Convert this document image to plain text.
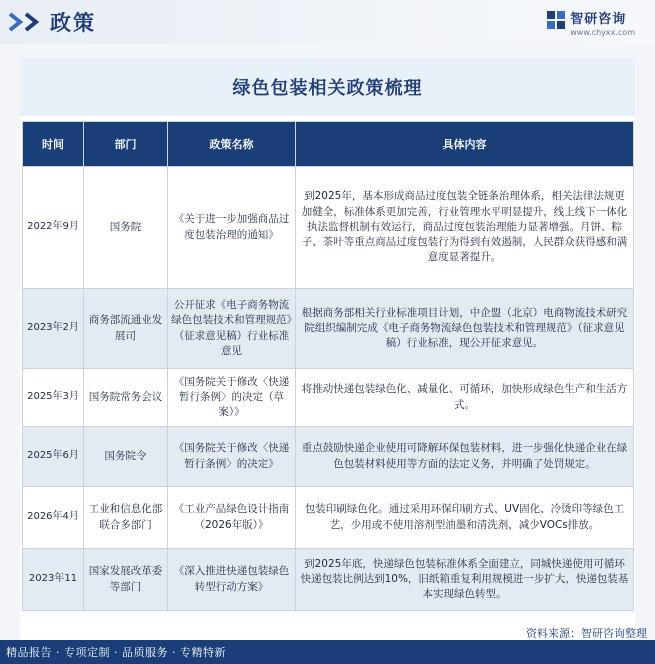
政策	智研咨询
www.chyxx.com
绿色包装相关政策梳理
时间	部门	政策名称	具体内容
2022年9月	国务院	《关于进一步加强商品过度包装治理的通知》	到2025年，基本形成商品过度包装全链条治理体系，相关法律法规更加健全，标准体系更加完善，行业管理水平明显提升，线上线下一体化执法监督机制有效运行，商品过度包装治理能力显著增强。月饼、粽子、茶叶等重点商品过度包装行为得到有效遏制，人民群众获得感和满意度显著提升。
2023年2月	商务部流通业发展司	公开征求《电子商务物流绿色包装技术和管理规范》（征求意见稿）行业标准意见	根据商务部相关行业标准项目计划，中企盟（北京）电商物流技术研究院组织编制完成《电子商务物流绿色包装技术和管理规范》（征求意见稿）行业标准，现公开征求意见。
2025年3月	国务院常务会议	《国务院关于修改〈快递暂行条例〉的决定（草案）》	将推动快递包装绿色化、减量化、可循环，加快形成绿色生产和生活方式。
2025年6月	国务院令	《国务院关于修改〈快递暂行条例〉的决定》	重点鼓励快递企业使用可降解环保包装材料，进一步强化快递企业在绿色包装材料使用等方面的法定义务，并明确了处罚规定。
2026年4月	工业和信息化部联合多部门	《工业产品绿色设计指南（2026年版）》	包装印刷绿色化。通过采用环保印刷方式、UV固化、冷烫印等绿色工艺，少用或不使用溶剂型油墨和清洗剂，减少VOCs排放。
2023年11	国家发展改革委等部门	《深入推进快递包装绿色转型行动方案》	到2025年底，快递绿色包装标准体系全面建立，同城快递使用可循环快递包装比例达到10%，旧纸箱重复利用规模进一步扩大，快递包装基本实现绿色转型。
资料来源：智研咨询整理
精品报告 · 专项定制 · 品质服务 · 专精特新
